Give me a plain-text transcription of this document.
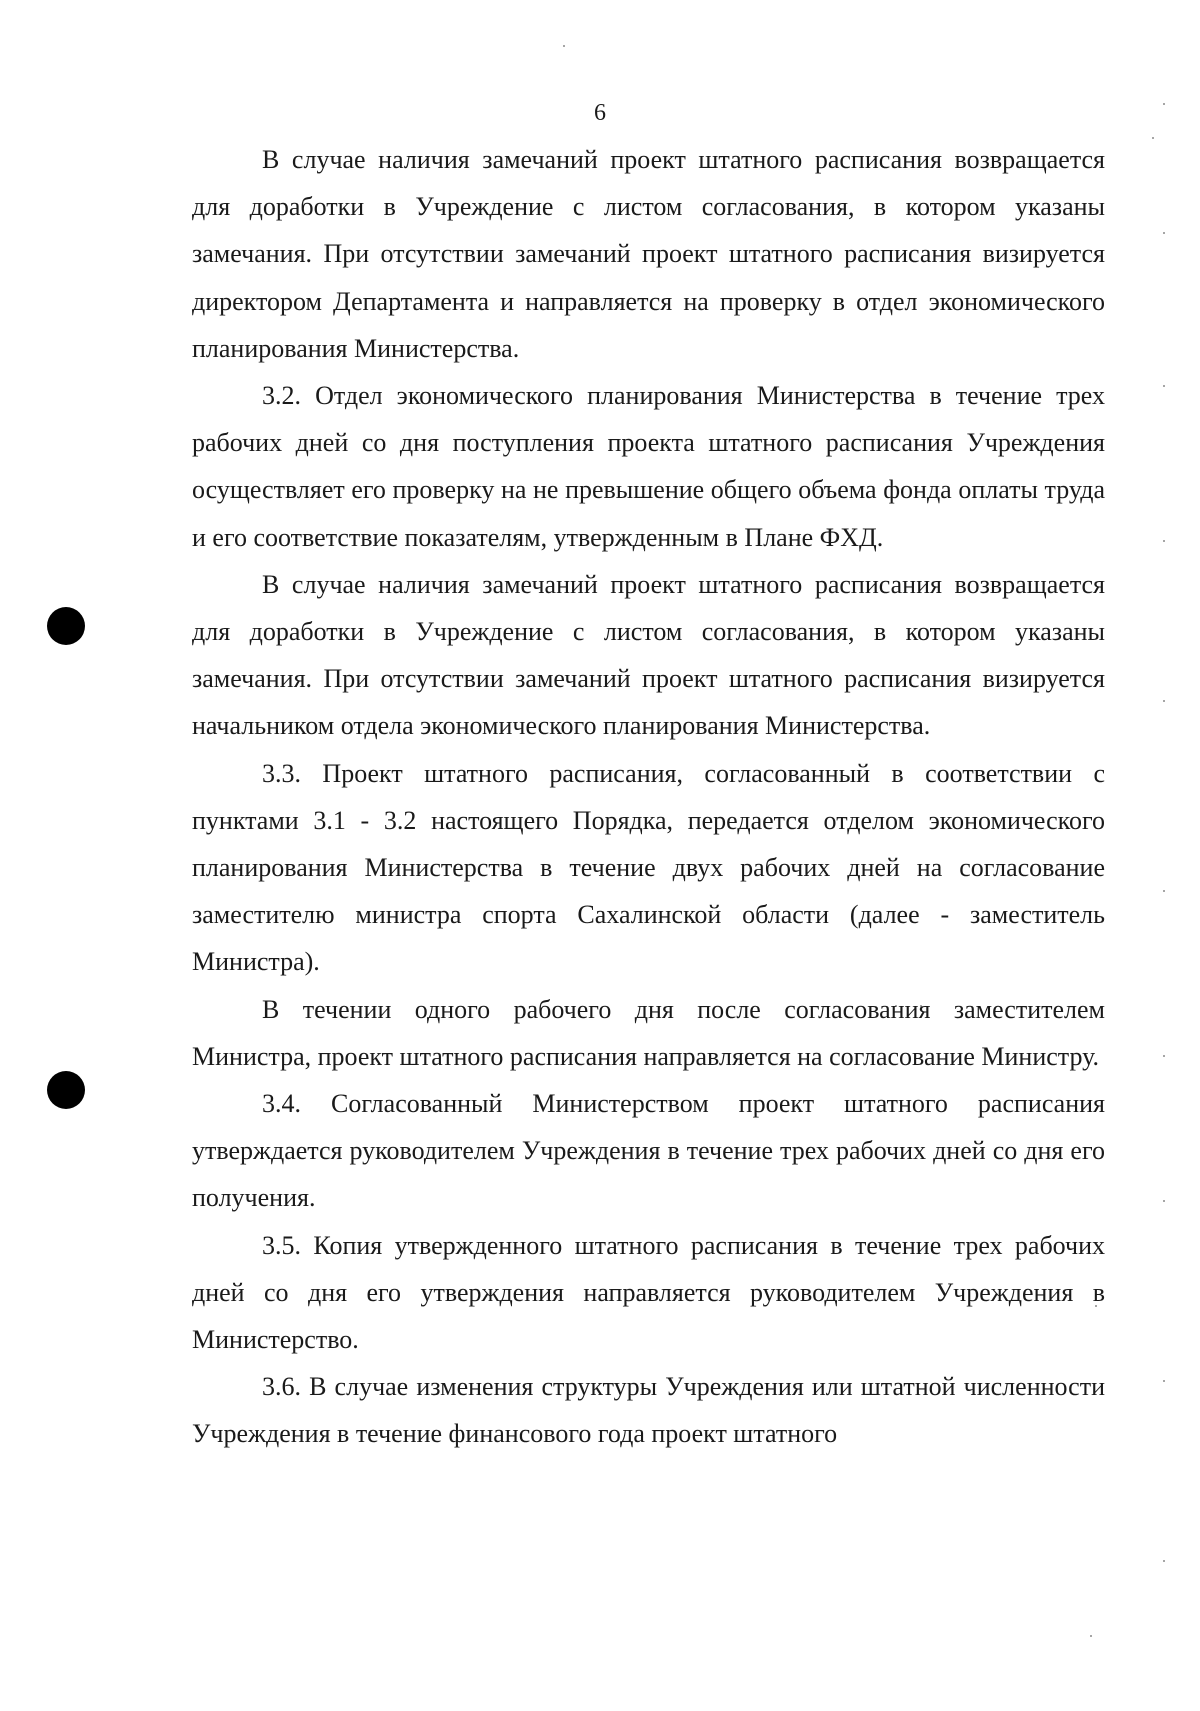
6

В случае наличия замечаний проект штатного расписания возвращается для доработки в Учреждение с листом согласования, в котором указаны замечания. При отсутствии замечаний проект штатного расписания визируется директором Департамента и направляется на проверку в отдел экономического планирования Министерства.

3.2. Отдел экономического планирования Министерства в течение трех рабочих дней со дня поступления проекта штатного расписания Учреждения осуществляет его проверку на не превышение общего объема фонда оплаты труда и его соответствие показателям, утвержденным в Плане ФХД.

В случае наличия замечаний проект штатного расписания возвращается для доработки в Учреждение с листом согласования, в котором указаны замечания. При отсутствии замечаний проект штатного расписания визируется начальником отдела экономического планирования Министерства.

3.3. Проект штатного расписания, согласованный в соответствии с пунктами 3.1 - 3.2 настоящего Порядка, передается отделом экономического планирования Министерства в течение двух рабочих дней на согласование заместителю министра спорта Сахалинской области (далее - заместитель Министра).

В течении одного рабочего дня после согласования заместителем Министра, проект штатного расписания направляется на согласование Министру.

3.4. Согласованный Министерством проект штатного расписания утверждается руководителем Учреждения в течение трех рабочих дней со дня его получения.

3.5. Копия утвержденного штатного расписания в течение трех рабочих дней со дня его утверждения направляется руководителем Учреждения в Министерство.

3.6. В случае изменения структуры Учреждения или штатной численности Учреждения в течение финансового года проект штатного
